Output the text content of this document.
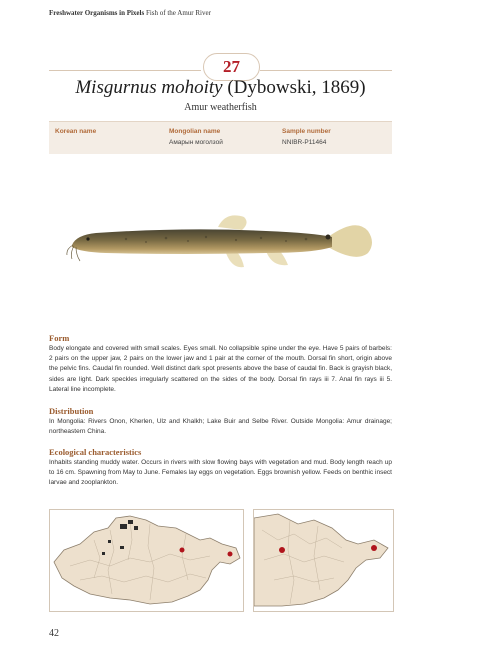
Freshwater Organisms in Pixels Fish of the Amur River
27
Misgurnus mohoity (Dybowski, 1869)
Amur weatherfish
Korean name	Mongolian name
Амарын моголзой
Sample number
NNIBR-P11464
Form
Body elongate and covered with small scales. Eyes small. No collapsible spine under the eye. Have 5 pairs of barbels: 2 pairs on the upper jaw, 2 pairs on the lower jaw and 1 pair at the corner of the mouth. Dorsal fin short, origin above the pelvic fins. Caudal fin rounded. Well distinct dark spot presents above the base of caudal fin. Back is grayish black, sides are light. Dark speckles irregularly scattered on the sides of the body. Dorsal fin rays iii 7. Anal fin rays iii 5. Lateral line incomplete.
Distribution
In Mongolia: Rivers Onon, Kherlen, Ulz and Khalkh; Lake Buir and Selbe River. Outside Mongolia: Amur drainage; northeastern China.
Ecological characteristics
Inhabits standing muddy water. Occurs in rivers with slow flowing bays with vegetation and mud. Body length reach up to 16 cm. Spawning from May to June. Females lay eggs on vegetation. Eggs brownish yellow. Feeds on benthic insect larvae and zooplankton.
42
